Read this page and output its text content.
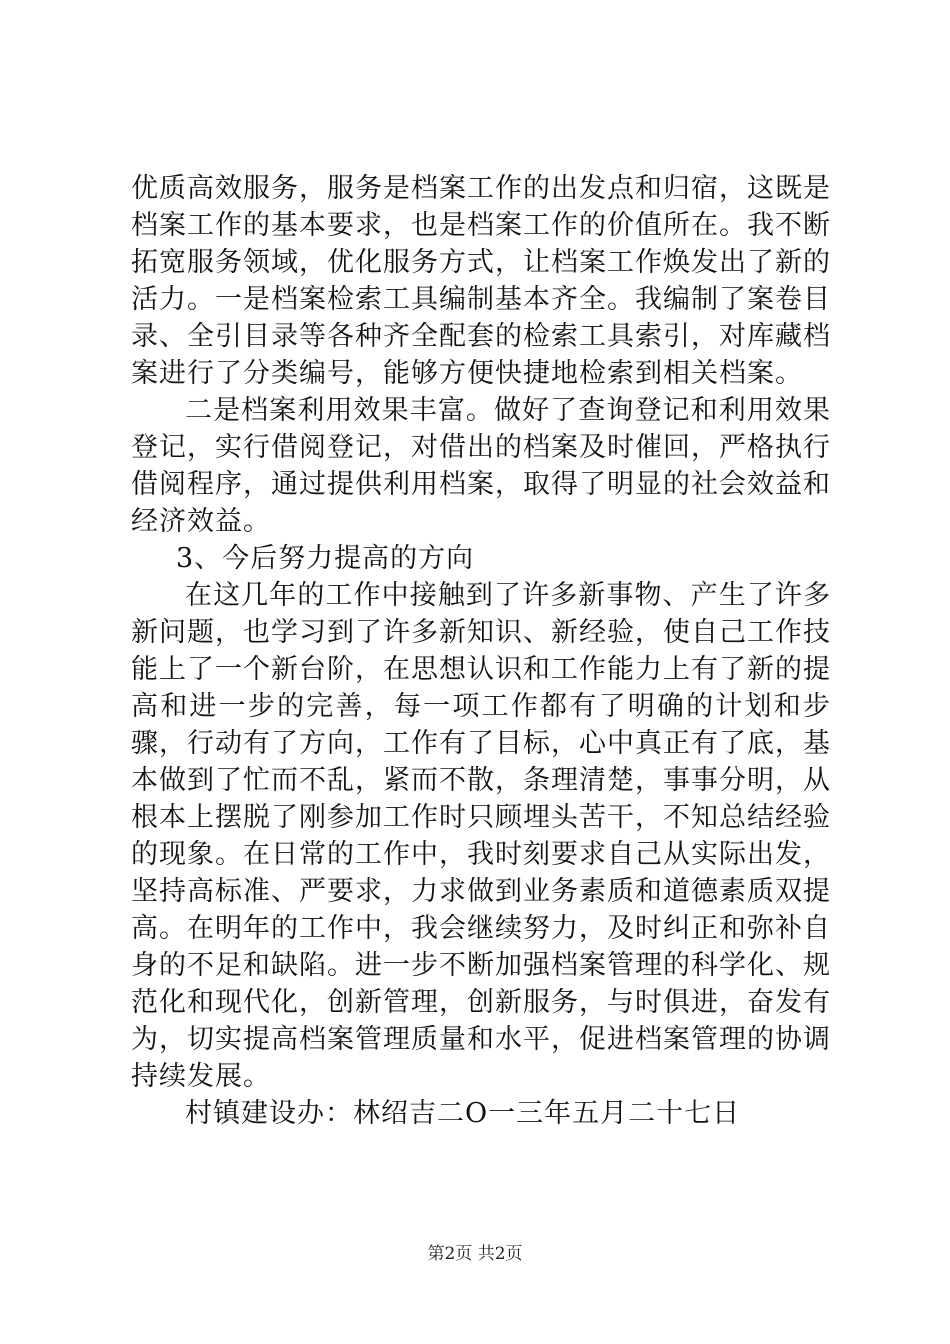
优质高效服务，服务是档案工作的出发点和归宿，这既是档案工作的基本要求，也是档案工作的价值所在。我不断拓宽服务领域，优化服务方式，让档案工作焕发出了新的活力。一是档案检索工具编制基本齐全。我编制了案卷目录、全引目录等各种齐全配套的检索工具索引，对库藏档案进行了分类编号，能够方便快捷地检索到相关档案。

二是档案利用效果丰富。做好了查询登记和利用效果登记，实行借阅登记，对借出的档案及时催回，严格执行借阅程序，通过提供利用档案，取得了明显的社会效益和经济效益。

3、今后努力提高的方向

在这几年的工作中接触到了许多新事物、产生了许多新问题，也学习到了许多新知识、新经验，使自己工作技能上了一个新台阶，在思想认识和工作能力上有了新的提高和进一步的完善，每一项工作都有了明确的计划和步骤，行动有了方向，工作有了目标，心中真正有了底，基本做到了忙而不乱，紧而不散，条理清楚，事事分明，从根本上摆脱了刚参加工作时只顾埋头苦干，不知总结经验的现象。在日常的工作中，我时刻要求自己从实际出发，坚持高标准、严要求，力求做到业务素质和道德素质双提高。在明年的工作中，我会继续努力，及时纠正和弥补自身的不足和缺陷。进一步不断加强档案管理的科学化、规范化和现代化，创新管理，创新服务，与时俱进，奋发有为，切实提高档案管理质量和水平，促进档案管理的协调持续发展。

村镇建设办：林绍吉二O一三年五月二十七日

第2页 共2页
